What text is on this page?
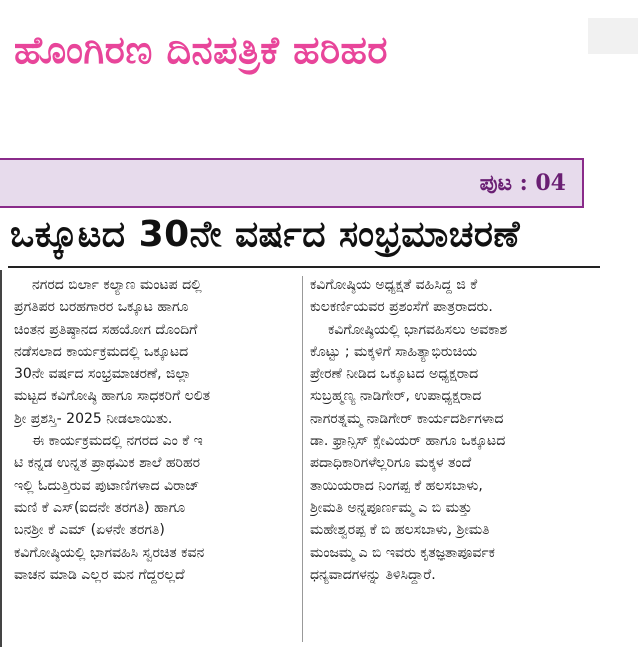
ಹೊಂಗಿರಣ ದಿನಪತ್ರಿಕೆ ಹರಿಹರ
ಪುಟ : 04
ಒಕ್ಕೂಟದ 30ನೇ ವರ್ಷದ ಸಂಭ್ರಮಾಚರಣೆ
ನಗರದ ಬಿರ್ಲಾ ಕಲ್ಯಾಣ ಮಂಟಪ ದಲ್ಲಿ
ಪ್ರಗತಿಪರ ಬರಹಗಾರರ ಒಕ್ಕೂಟ ಹಾಗೂ
ಚಿಂತನ ಪ್ರತಿಷ್ಠಾನದ ಸಹಯೋಗ ದೊಂದಿಗೆ
ನಡೆಸಲಾದ ಕಾರ್ಯಕ್ರಮದಲ್ಲಿ ಒಕ್ಕೂಟದ
30ನೇ ವರ್ಷದ ಸಂಭ್ರಮಾಚರಣೆ, ಜಿಲ್ಲಾ
ಮಟ್ಟದ ಕವಿಗೋಷ್ಠಿ ಹಾಗೂ ಸಾಧಕರಿಗೆ ಲಲಿತ
ಶ್ರೀ ಪ್ರಶಸ್ತಿ- 2025 ನೀಡಲಾಯಿತು.
ಈ ಕಾರ್ಯಕ್ರಮದಲ್ಲಿ ನಗರದ ಎಂ ಕೆ ಇ
ಟಿ ಕನ್ನಡ ಉನ್ನತ ಪ್ರಾಥಮಿಕ ಶಾಲೆ ಹರಿಹರ
ಇಲ್ಲಿ ಓದುತ್ತಿರುವ ಪುಟಾಣಿಗಳಾದ ವಿರಾಜ್
ಮಣಿ ಕೆ ಎಸ್(ಐದನೇ ತರಗತಿ) ಹಾಗೂ
ಬನಶ್ರೀ ಕೆ ಎಮ್ (ಏಳನೇ ತರಗತಿ)
ಕವಿಗೋಷ್ಠಿಯಲ್ಲಿ ಭಾಗವಹಿಸಿ ಸ್ವರಚಿತ ಕವನ
ವಾಚನ ಮಾಡಿ ಎಲ್ಲರ ಮನ ಗೆದ್ದರಲ್ಲದೆ
ಕವಿಗೋಷ್ಠಿಯ ಅಧ್ಯಕ್ಷತೆ ವಹಿಸಿದ್ದ ಜಿ ಕೆ
ಕುಲಕರ್ಣಿಯವರ ಪ್ರಶಂಸೆಗೆ ಪಾತ್ರರಾದರು.
ಕವಿಗೋಷ್ಠಿಯಲ್ಲಿ ಭಾಗವಹಿಸಲು ಅವಕಾಶ
ಕೊಟ್ಟು ; ಮಕ್ಕಳಿಗೆ ಸಾಹಿತ್ಯಾಭಿರುಚಿಯ
ಪ್ರೇರಣೆ ನೀಡಿದ ಒಕ್ಕೂಟದ ಅಧ್ಯಕ್ಷರಾದ
ಸುಬ್ರಹ್ಮಣ್ಯ ನಾಡಿಗೇರ್, ಉಪಾಧ್ಯಕ್ಷರಾದ
ನಾಗರತ್ನಮ್ಮ ನಾಡಿಗೇರ್ ಕಾರ್ಯದರ್ಶಿಗಳಾದ
ಡಾ. ಫ್ರಾನ್ಸಿಸ್ ಕ್ಸೇವಿಯರ್ ಹಾಗೂ ಒಕ್ಕೂಟದ
ಪದಾಧಿಕಾರಿಗಳೆಲ್ಲರಿಗೂ ಮಕ್ಕಳ ತಂದೆ
ತಾಯಿಯರಾದ ನಿಂಗಪ್ಪ ಕೆ ಹಲಸಬಾಳು,
ಶ್ರೀಮತಿ ಅನ್ನಪೂರ್ಣಮ್ಮ ಎ ಬಿ ಮತ್ತು
ಮಹೇಶ್ವರಪ್ಪ ಕೆ ಬಿ ಹಲಸಬಾಳು, ಶ್ರೀಮತಿ
ಮಂಜಮ್ಮ ಎ ಬಿ ಇವರು ಕೃತಜ್ಞತಾಪೂರ್ವಕ
ಧನ್ಯವಾದಗಳನ್ನು ತಿಳಿಸಿದ್ದಾರೆ.
